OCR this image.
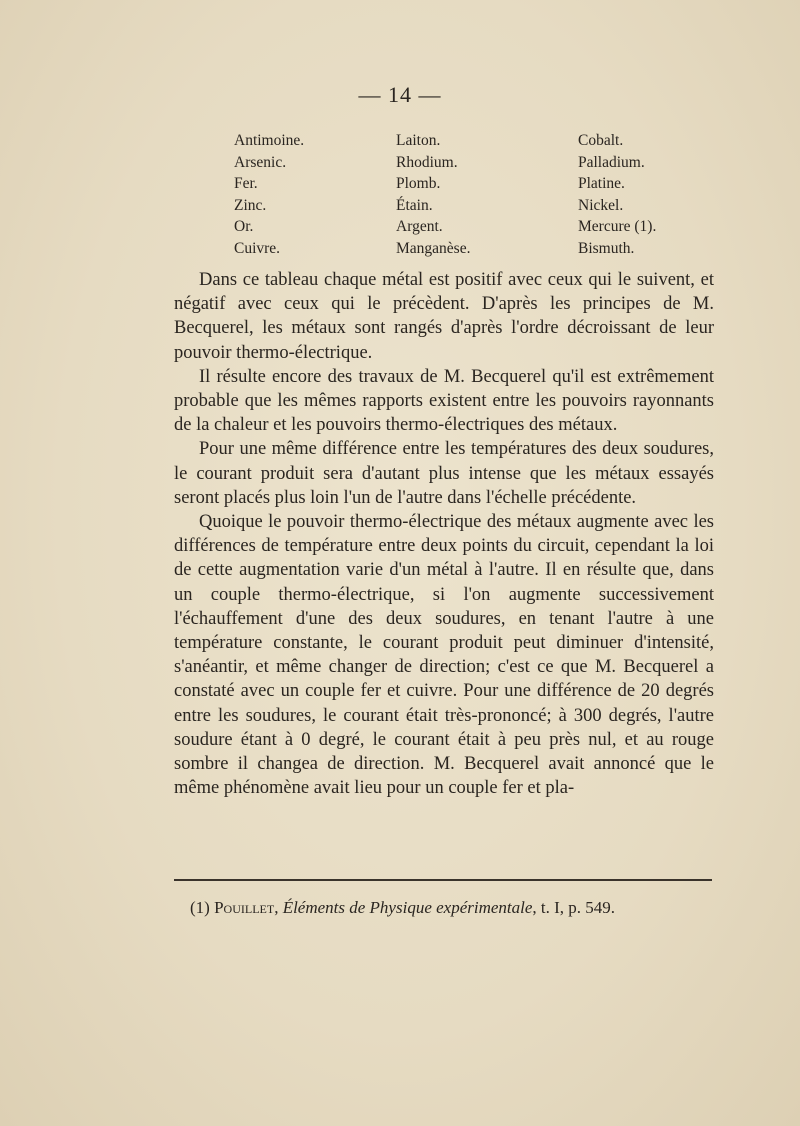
— 14 —
Antimoine.
Arsenic.
Fer.
Zinc.
Or.
Cuivre.
Laiton.
Rhodium.
Plomb.
Étain.
Argent.
Manganèse.
Cobalt.
Palladium.
Platine.
Nickel.
Mercure (1).
Bismuth.

Dans ce tableau chaque métal est positif avec ceux qui le suivent, et négatif avec ceux qui le précèdent. D'après les principes de M. Becquerel, les métaux sont rangés d'après l'ordre décroissant de leur pouvoir thermo-électrique.

Il résulte encore des travaux de M. Becquerel qu'il est extrêmement probable que les mêmes rapports existent entre les pouvoirs rayonnants de la chaleur et les pouvoirs thermo-électriques des métaux.

Pour une même différence entre les températures des deux soudures, le courant produit sera d'autant plus intense que les métaux essayés seront placés plus loin l'un de l'autre dans l'échelle précédente.

Quoique le pouvoir thermo-électrique des métaux augmente avec les différences de température entre deux points du circuit, cependant la loi de cette augmentation varie d'un métal à l'autre. Il en résulte que, dans un couple thermo-électrique, si l'on augmente successivement l'échauffement d'une des deux soudures, en tenant l'autre à une température constante, le courant produit peut diminuer d'intensité, s'anéantir, et même changer de direction; c'est ce que M. Becquerel a constaté avec un couple fer et cuivre. Pour une différence de 20 degrés entre les soudures, le courant était très-prononcé; à 300 degrés, l'autre soudure étant à 0 degré, le courant était à peu près nul, et au rouge sombre il changea de direction. M. Becquerel avait annoncé que le même phénomène avait lieu pour un couple fer et pla-

(1) Pouillet, Éléments de Physique expérimentale, t. I, p. 549.
